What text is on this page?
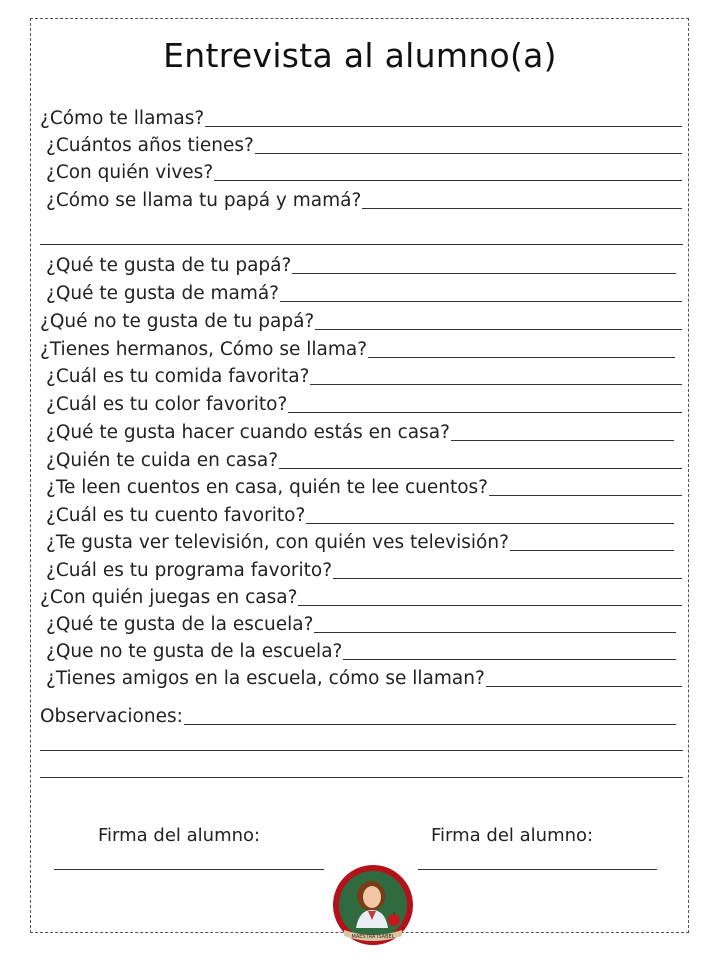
Entrevista al alumno(a)
¿Cómo te llamas?
¿Cuántos años tienes?
¿Con quién vives?
¿Cómo se llama tu papá y mamá?
¿Qué te gusta de tu papá?
¿Qué te gusta de mamá?
¿Qué no te gusta de tu papá?
¿Tienes hermanos, Cómo se llama?
¿Cuál es tu comida favorita?
¿Cuál es tu color favorito?
¿Qué te gusta hacer cuando estás en casa?
¿Quién te cuida en casa?
¿Te leen cuentos en casa, quién te lee cuentos?
¿Cuál es tu cuento favorito?
¿Te gusta ver televisión, con quién ves televisión?
¿Cuál es tu programa favorito?
¿Con quién juegas en casa?
¿Qué te gusta de la escuela?
¿Que no te gusta de la escuela?
¿Tienes amigos en la escuela, cómo se llaman?
Observaciones:
Firma del alumno:	Firma del alumno:
MAESTRA ISABEL
